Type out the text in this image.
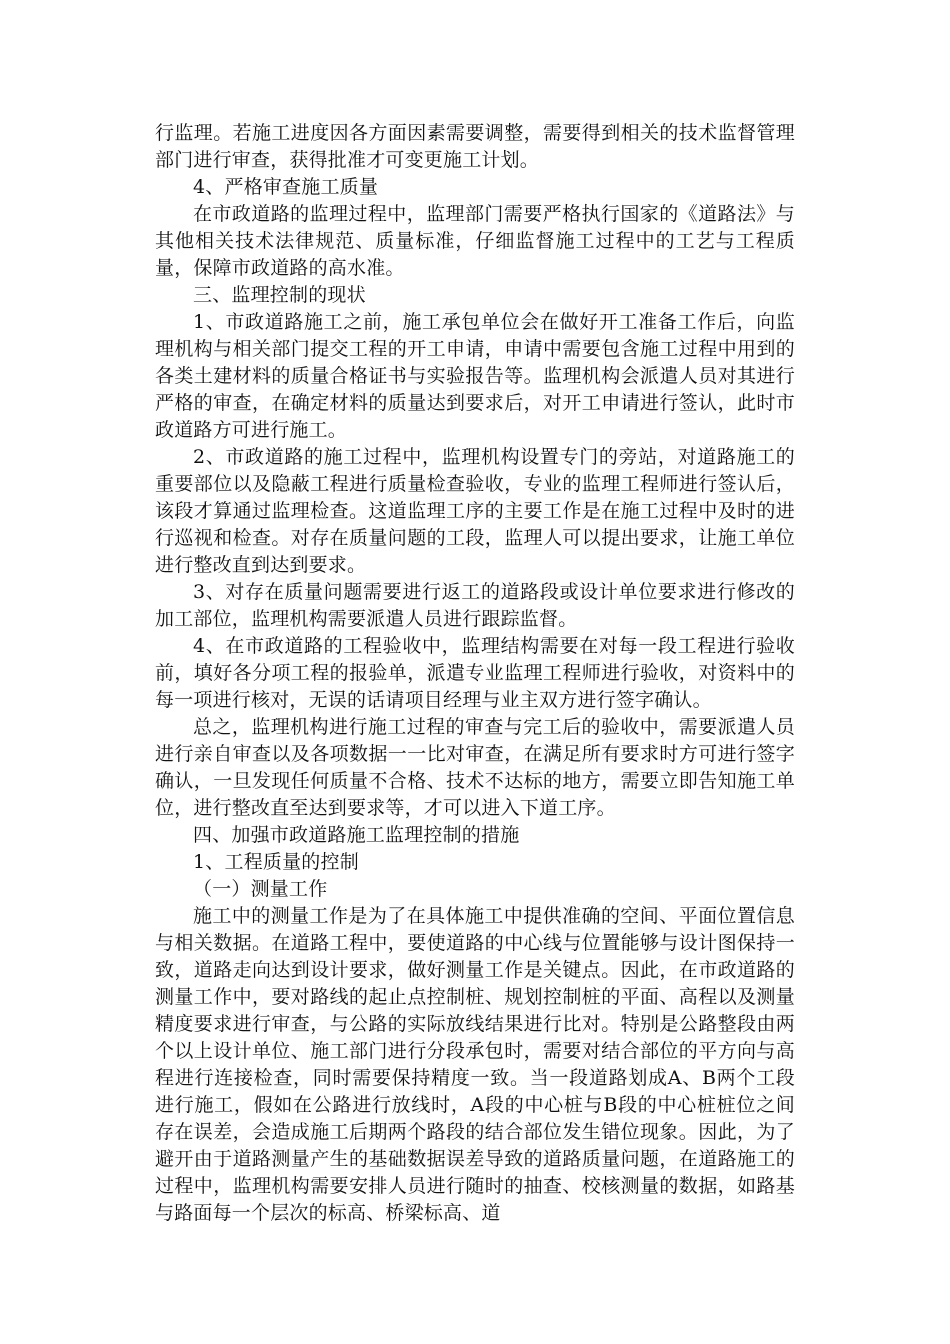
行监理。若施工进度因各方面因素需要调整，需要得到相关的技术监督管理部门进行审查，获得批准才可变更施工计划。

4、严格审查施工质量

在市政道路的监理过程中，监理部门需要严格执行国家的《道路法》与其他相关技术法律规范、质量标准，仔细监督施工过程中的工艺与工程质量，保障市政道路的高水准。

三、监理控制的现状

1、市政道路施工之前，施工承包单位会在做好开工准备工作后，向监理机构与相关部门提交工程的开工申请，申请中需要包含施工过程中用到的各类土建材料的质量合格证书与实验报告等。监理机构会派遣人员对其进行严格的审查，在确定材料的质量达到要求后，对开工申请进行签认，此时市政道路方可进行施工。

2、市政道路的施工过程中，监理机构设置专门的旁站，对道路施工的重要部位以及隐蔽工程进行质量检查验收，专业的监理工程师进行签认后，该段才算通过监理检查。这道监理工序的主要工作是在施工过程中及时的进行巡视和检查。对存在质量问题的工段，监理人可以提出要求，让施工单位进行整改直到达到要求。

3、对存在质量问题需要进行返工的道路段或设计单位要求进行修改的加工部位，监理机构需要派遣人员进行跟踪监督。

4、在市政道路的工程验收中，监理结构需要在对每一段工程进行验收前，填好各分项工程的报验单，派遣专业监理工程师进行验收，对资料中的每一项进行核对，无误的话请项目经理与业主双方进行签字确认。

总之，监理机构进行施工过程的审查与完工后的验收中，需要派遣人员进行亲自审查以及各项数据一一比对审查，在满足所有要求时方可进行签字确认，一旦发现任何质量不合格、技术不达标的地方，需要立即告知施工单位，进行整改直至达到要求等，才可以进入下道工序。

四、加强市政道路施工监理控制的措施

1、工程质量的控制

（一）测量工作

施工中的测量工作是为了在具体施工中提供准确的空间、平面位置信息与相关数据。在道路工程中，要使道路的中心线与位置能够与设计图保持一致，道路走向达到设计要求，做好测量工作是关键点。因此，在市政道路的测量工作中，要对路线的起止点控制桩、规划控制桩的平面、高程以及测量精度要求进行审查，与公路的实际放线结果进行比对。特别是公路整段由两个以上设计单位、施工部门进行分段承包时，需要对结合部位的平方向与高程进行连接检查，同时需要保持精度一致。当一段道路划成A、B两个工段进行施工，假如在公路进行放线时，A段的中心桩与B段的中心桩桩位之间存在误差，会造成施工后期两个路段的结合部位发生错位现象。因此，为了避开由于道路测量产生的基础数据误差导致的道路质量问题，在道路施工的过程中，监理机构需要安排人员进行随时的抽查、校核测量的数据，如路基与路面每一个层次的标高、桥梁标高、道
